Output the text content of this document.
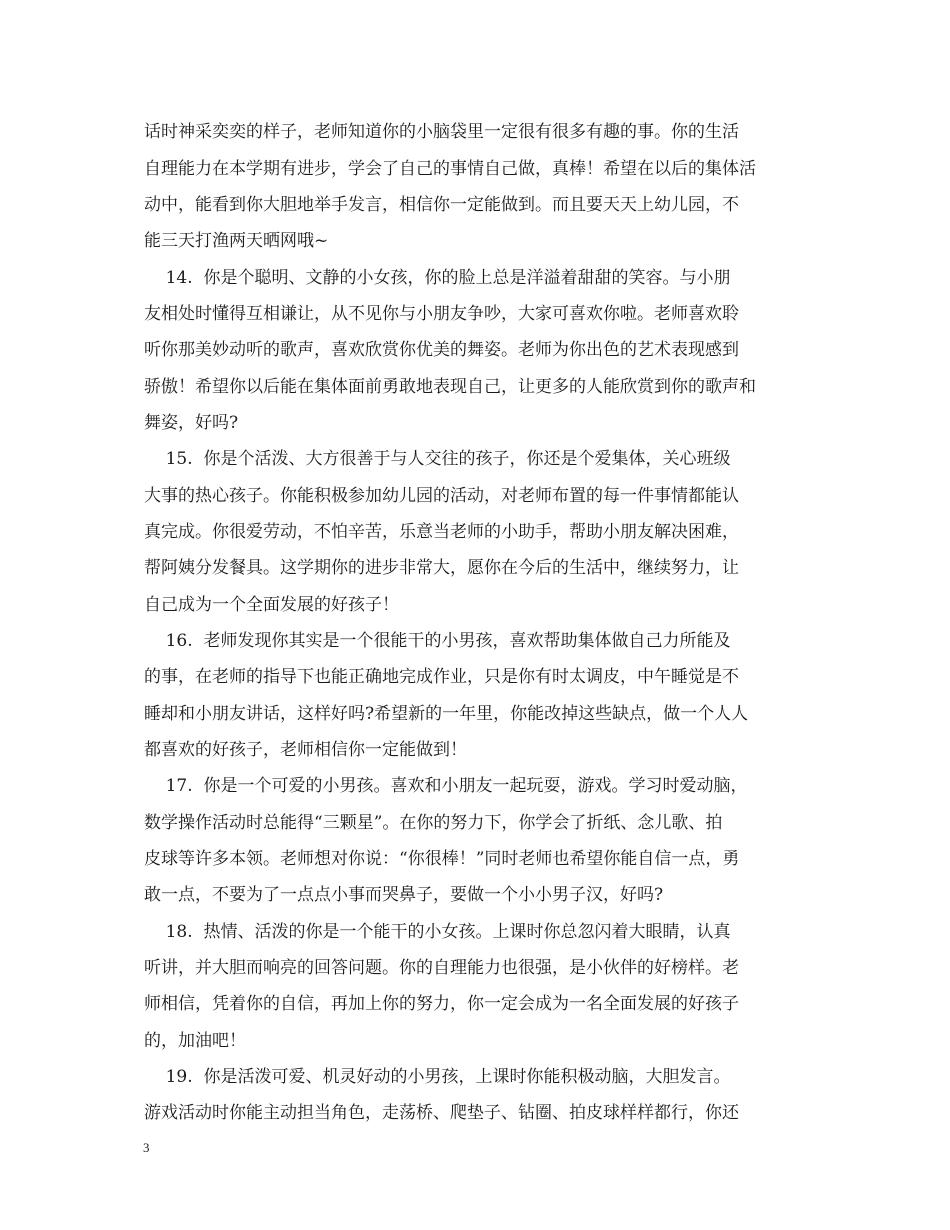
话时神采奕奕的样子，老师知道你的小脑袋里一定很有很多有趣的事。你的生活
自理能力在本学期有进步，学会了自己的事情自己做，真棒！希望在以后的集体活
动中，能看到你大胆地举手发言，相信你一定能做到。而且要天天上幼儿园，不
能三天打渔两天晒网哦~
14.  你是个聪明、文静的小女孩，你的脸上总是洋溢着甜甜的笑容。与小朋
友相处时懂得互相谦让，从不见你与小朋友争吵，大家可喜欢你啦。老师喜欢聆
听你那美妙动听的歌声，喜欢欣赏你优美的舞姿。老师为你出色的艺术表现感到
骄傲！希望你以后能在集体面前勇敢地表现自己，让更多的人能欣赏到你的歌声和
舞姿，好吗?
15.  你是个活泼、大方很善于与人交往的孩子，你还是个爱集体，关心班级
大事的热心孩子。你能积极参加幼儿园的活动，对老师布置的每一件事情都能认
真完成。你很爱劳动，不怕辛苦，乐意当老师的小助手，帮助小朋友解决困难，
帮阿姨分发餐具。这学期你的进步非常大，愿你在今后的生活中，继续努力，让
自己成为一个全面发展的好孩子！
16.  老师发现你其实是一个很能干的小男孩，喜欢帮助集体做自己力所能及
的事，在老师的指导下也能正确地完成作业，只是你有时太调皮，中午睡觉是不
睡却和小朋友讲话，这样好吗?希望新的一年里，你能改掉这些缺点，做一个人人
都喜欢的好孩子，老师相信你一定能做到！
17.  你是一个可爱的小男孩。喜欢和小朋友一起玩耍，游戏。学习时爱动脑，
数学操作活动时总能得“三颗星”。在你的努力下，你学会了折纸、念儿歌、拍
皮球等许多本领。老师想对你说：“你很棒！”同时老师也希望你能自信一点，勇
敢一点，不要为了一点点小事而哭鼻子，要做一个小小男子汉，好吗?
18.  热情、活泼的你是一个能干的小女孩。上课时你总忽闪着大眼睛，认真
听讲，并大胆而响亮的回答问题。你的自理能力也很强，是小伙伴的好榜样。老
师相信，凭着你的自信，再加上你的努力，你一定会成为一名全面发展的好孩子
的，加油吧！
19.  你是活泼可爱、机灵好动的小男孩，上课时你能积极动脑，大胆发言。
游戏活动时你能主动担当角色，走荡桥、爬垫子、钻圈、拍皮球样样都行，你还
3
